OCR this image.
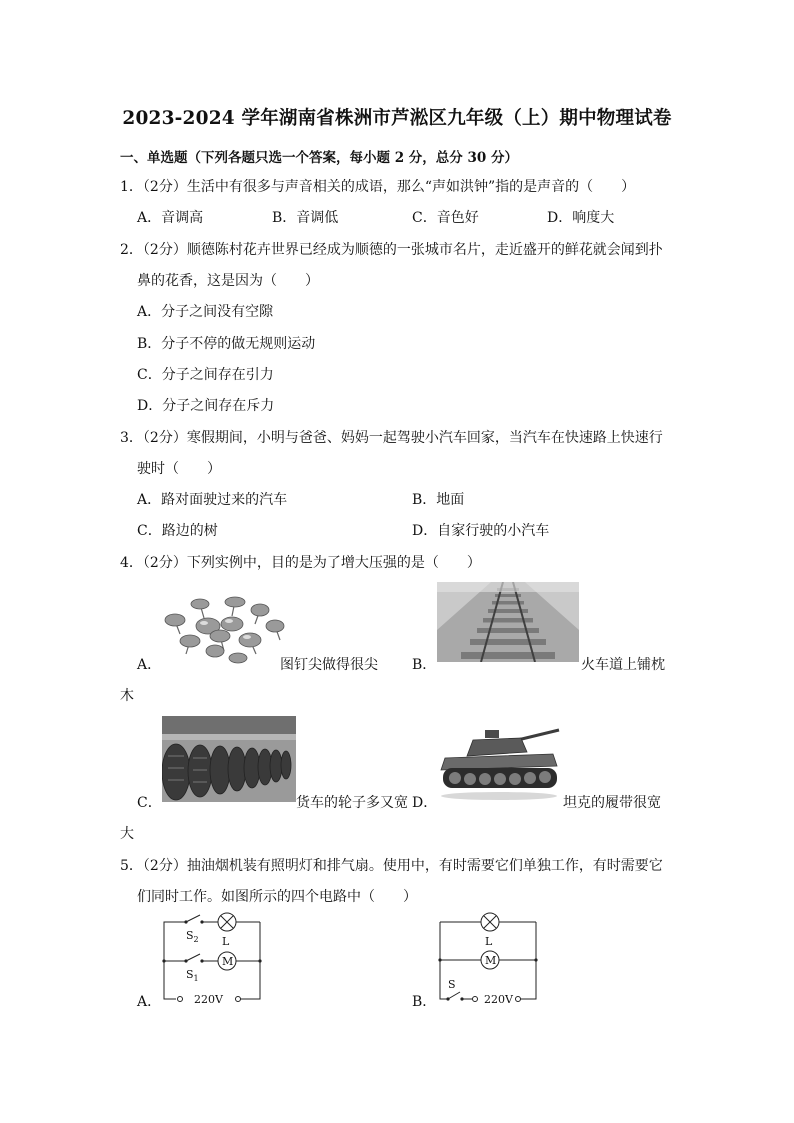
2023-2024 学年湖南省株洲市芦淞区九年级（上）期中物理试卷
一、单选题（下列各题只选一个答案，每小题 2 分，总分 30 分）
1．（2分）生活中有很多与声音相关的成语，那么“声如洪钟”指的是声音的（　　）
A．音调高	B．音调低	C．音色好	D．响度大
2．（2分）顺德陈村花卉世界已经成为顺德的一张城市名片，走近盛开的鲜花就会闻到扑
鼻的花香，这是因为（　　）
A．分子之间没有空隙
B．分子不停的做无规则运动
C．分子之间存在引力
D．分子之间存在斥力
3．（2分）寒假期间，小明与爸爸、妈妈一起驾驶小汽车回家，当汽车在快速路上快速行
驶时（　　）
A．路对面驶过来的汽车	B．地面
C．路边的树	D．自家行驶的小汽车
4．（2分）下列实例中，目的是为了增大压强的是（　　）
A．	图钉尖做得很尖 B．	火车道上铺枕
木
C．	货车的轮子多又宽 D．	坦克的履带很宽
大
5．（2分）抽油烟机装有照明灯和排气扇。使用中，有时需要它们单独工作，有时需要它
们同时工作。如图所示的四个电路中（　　）
$S_2$ L
M
$S_1$
220V
A．
L
M
S
220V
B．
